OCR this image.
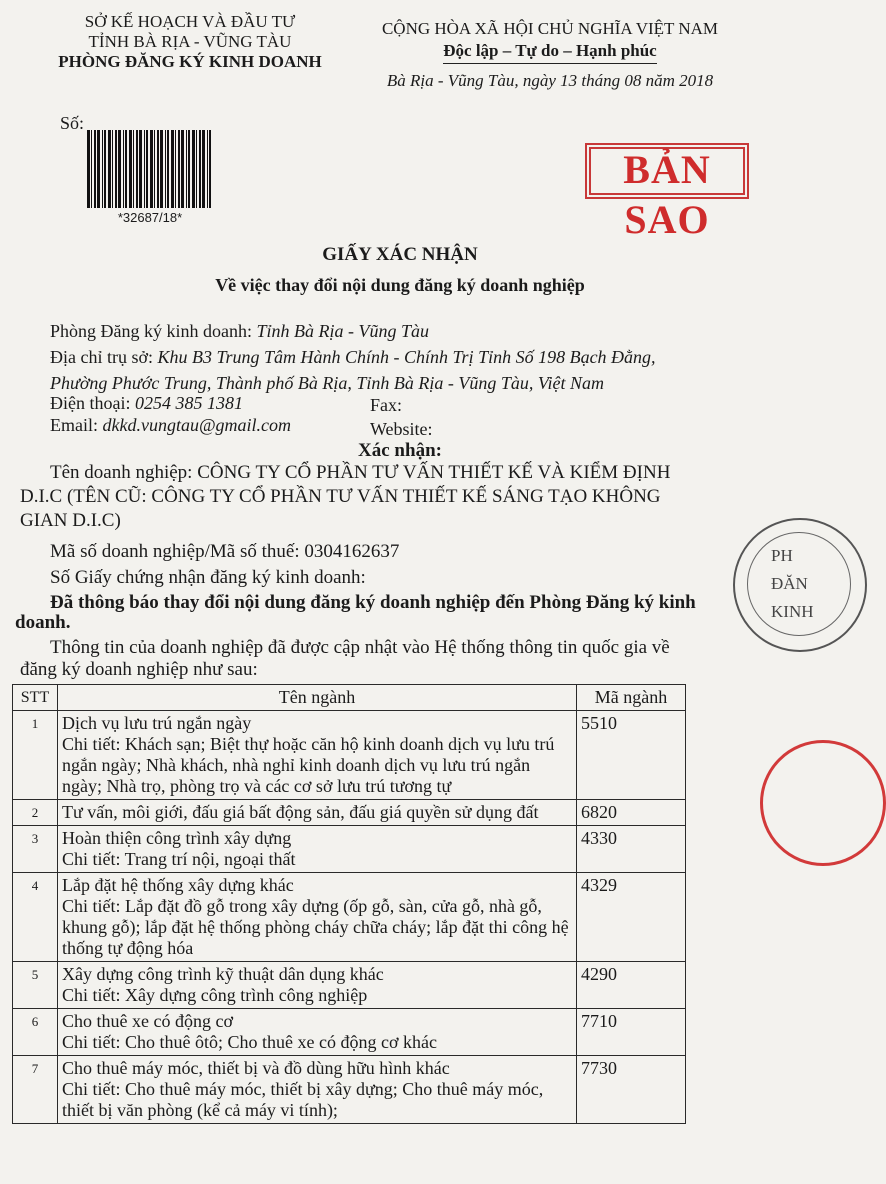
SỞ KẾ HOẠCH VÀ ĐẦU TƯ
TỈNH BÀ RỊA - VŨNG TÀU
PHÒNG ĐĂNG KÝ KINH DOANH
CỘNG HÒA XÃ HỘI CHỦ NGHĨA VIỆT NAM
Độc lập – Tự do – Hạnh phúc
Bà Rịa - Vũng Tàu, ngày 13 tháng 08 năm 2018
Số:
*32687/18*
BẢN SAO
GIẤY XÁC NHẬN
Về việc thay đổi nội dung đăng ký doanh nghiệp
Phòng Đăng ký kinh doanh: Tỉnh Bà Rịa - Vũng Tàu
Địa chỉ trụ sở: Khu B3 Trung Tâm Hành Chính - Chính Trị Tỉnh Số 198 Bạch Đằng,
Phường Phước Trung, Thành phố Bà Rịa, Tỉnh Bà Rịa - Vũng Tàu, Việt Nam
Điện thoại: 0254 385 1381	Fax:
Email: dkkd.vungtau@gmail.com	Website:
Xác nhận:
Tên doanh nghiệp: CÔNG TY CỔ PHẦN TƯ VẤN THIẾT KẾ VÀ KIỂM ĐỊNH
D.I.C (TÊN CŨ: CÔNG TY CỔ PHẦN TƯ VẤN THIẾT KẾ SÁNG TẠO KHÔNG
GIAN D.I.C)
Mã số doanh nghiệp/Mã số thuế: 0304162637
Số Giấy chứng nhận đăng ký kinh doanh:
Đã thông báo thay đổi nội dung đăng ký doanh nghiệp đến Phòng Đăng ký kinh
doanh.
Thông tin của doanh nghiệp đã được cập nhật vào Hệ thống thông tin quốc gia về
đăng ký doanh nghiệp như sau:
STT	Tên ngành	Mã ngành
1	Dịch vụ lưu trú ngắn ngày
Chi tiết: Khách sạn; Biệt thự hoặc căn hộ kinh doanh dịch vụ lưu trú ngắn ngày; Nhà khách, nhà nghỉ kinh doanh dịch vụ lưu trú ngắn ngày; Nhà trọ, phòng trọ và các cơ sở lưu trú tương tự	5510
2	Tư vấn, môi giới, đấu giá bất động sản, đấu giá quyền sử dụng đất	6820
3	Hoàn thiện công trình xây dựng
Chi tiết: Trang trí nội, ngoại thất	4330
4	Lắp đặt hệ thống xây dựng khác
Chi tiết: Lắp đặt đồ gỗ trong xây dựng (ốp gỗ, sàn, cửa gỗ, nhà gỗ, khung gỗ); lắp đặt hệ thống phòng cháy chữa cháy; lắp đặt thi công hệ thống tự động hóa	4329
5	Xây dựng công trình kỹ thuật dân dụng khác
Chi tiết: Xây dựng công trình công nghiệp	4290
6	Cho thuê xe có động cơ
Chi tiết: Cho thuê ôtô; Cho thuê xe có động cơ khác	7710
7	Cho thuê máy móc, thiết bị và đồ dùng hữu hình khác
Chi tiết: Cho thuê máy móc, thiết bị xây dựng; Cho thuê máy móc, thiết bị văn phòng (kể cả máy vi tính);	7730
PH
ĐĂN
KINH
